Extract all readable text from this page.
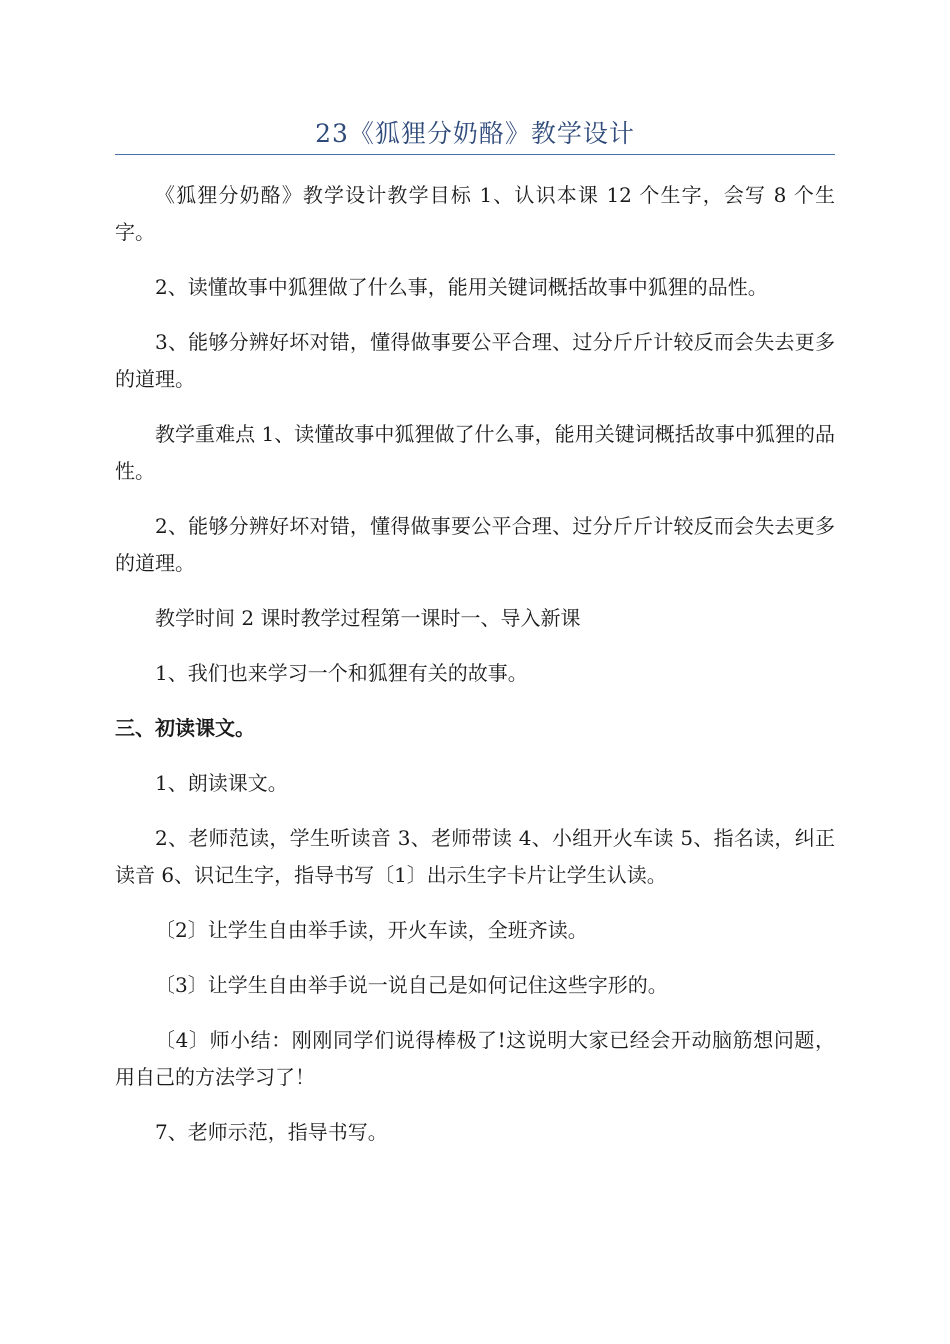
23《狐狸分奶酪》教学设计

《狐狸分奶酪》教学设计教学目标 1、认识本课 12 个生字，会写 8 个生字。

2、读懂故事中狐狸做了什么事，能用关键词概括故事中狐狸的品性。

3、能够分辨好坏对错，懂得做事要公平合理、过分斤斤计较反而会失去更多的道理。

教学重难点 1、读懂故事中狐狸做了什么事，能用关键词概括故事中狐狸的品性。

2、能够分辨好坏对错，懂得做事要公平合理、过分斤斤计较反而会失去更多的道理。

教学时间 2 课时教学过程第一课时一、导入新课

1、我们也来学习一个和狐狸有关的故事。

三、初读课文。

1、朗读课文。

2、老师范读，学生听读音 3、老师带读 4、小组开火车读 5、指名读，纠正读音 6、识记生字，指导书写〔1〕出示生字卡片让学生认读。

〔2〕让学生自由举手读，开火车读，全班齐读。

〔3〕让学生自由举手说一说自己是如何记住这些字形的。

〔4〕师小结：刚刚同学们说得棒极了!这说明大家已经会开动脑筋想问题，用自己的方法学习了！

7、老师示范，指导书写。
